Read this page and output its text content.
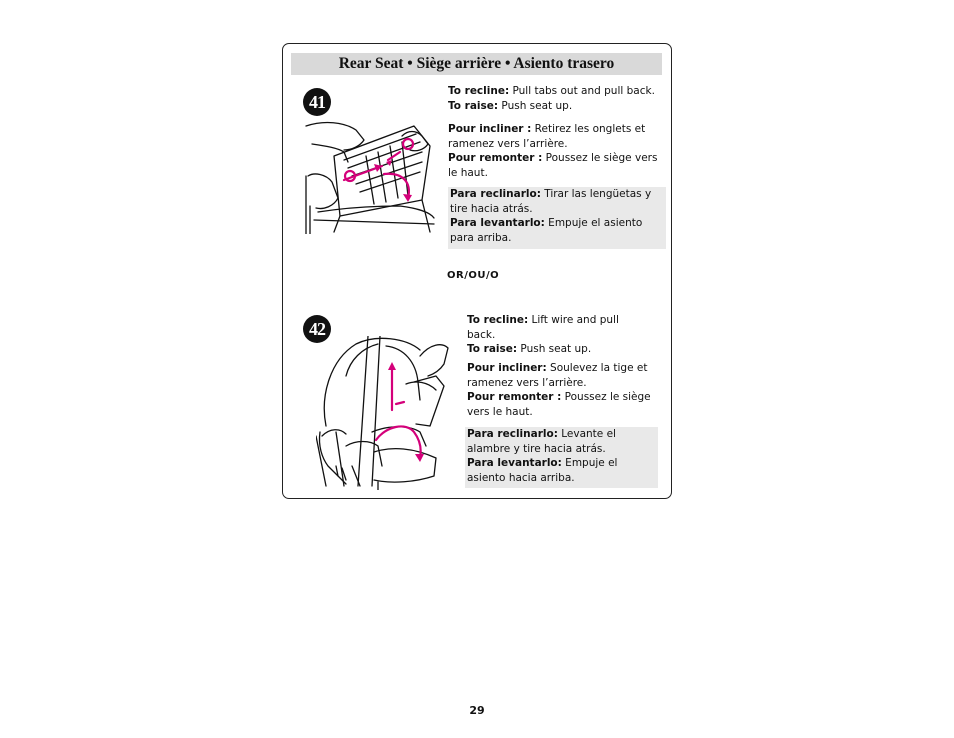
Rear Seat • Siège arrière • Asiento trasero
41

To recline: Pull tabs out and pull back.

To raise: Push seat up.

Pour incliner : Retirez les onglets et ramenez vers l’arrière.

Pour remonter : Poussez le siège vers le haut.

Para reclinarlo: Tirar las lengüetas y tire hacia atrás.

Para levantarlo: Empuje el asiento para arriba.

OR/OU/O
42	To recline: Lift wire and pull back.

To raise: Push seat up.

Pour incliner: Soulevez la tige et ramenez vers l’arrière.

Pour remonter : Poussez le siège vers le haut.

Para reclinarlo: Levante el alambre y tire hacia atrás.

Para levantarlo: Empuje el asiento hacia arriba.

29
